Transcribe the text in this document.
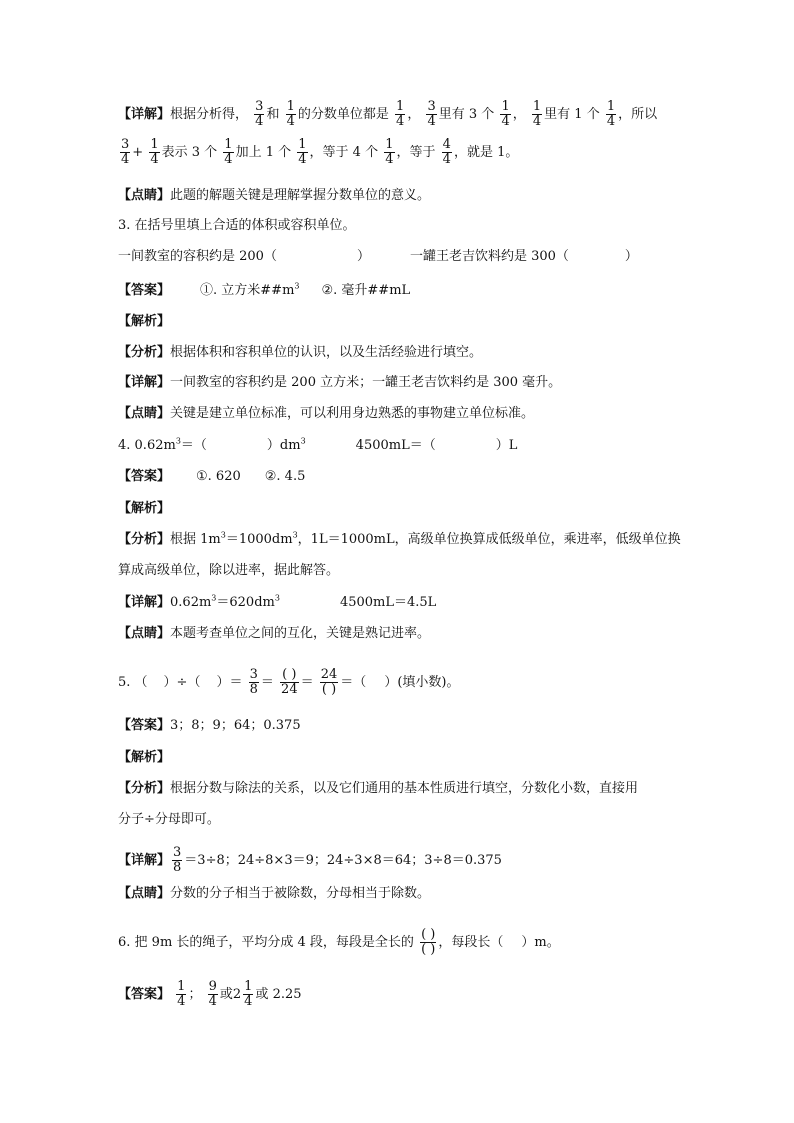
【详解】根据分析得， $\frac{3}{4}$ 和 $\frac{1}{4}$ 的分数单位都是 $\frac{1}{4}$ ， $\frac{3}{4}$ 里有 3 个 $\frac{1}{4}$ ， $\frac{1}{4}$ 里有 1 个 $\frac{1}{4}$ ，所以
$\frac{3}{4} + \frac{1}{4}$ 表示 3 个 $\frac{1}{4}$ 加上 1 个 $\frac{1}{4}$ ，等于 4 个 $\frac{1}{4}$ ，等于 $\frac{4}{4}$ ，就是 1。
【点睛】此题的解题关键是理解掌握分数单位的意义。
3. 在括号里填上合适的体积或容积单位。
一间教室的容积约是 200（	）	一罐王老吉饮料约是 300（	）
【答案】 ①. 立方米$\#\#m^3$ ②. 毫升##mL
【解析】
【分析】根据体积和容积单位的认识，以及生活经验进行填空。
【详解】一间教室的容积约是 200 立方米；一罐王老吉饮料约是 300 毫升。
【点睛】关键是建立单位标准，可以利用身边熟悉的事物建立单位标准。
4. $0.62m^3=$（	）$dm^3$	4500mL＝（	）L
【答案】 ①. 620 ②. 4.5
【解析】
【分析】根据 $1m^3=1000dm^3$，1L＝1000mL，高级单位换算成低级单位，乘进率，低级单位换
算成高级单位，除以进率，据此解答。
【详解】$0.62m^3=620dm^3$	4500mL＝4.5L
【点睛】本题考查单位之间的互化，关键是熟记进率。
5. （ ）÷（ ）＝ $\frac{3}{8} = \frac{( )}{24} = \frac{24}{( )}$ ＝（ ）(填小数)。
【答案】3；8；9；64；0.375
【解析】
【分析】根据分数与除法的关系，以及它们通用的基本性质进行填空，分数化小数，直接用
分子÷分母即可。
【详解】 $\frac{3}{8} =3\div 8$；24÷8×3＝9；24÷3×8＝64；3÷8＝0.375
【点睛】分数的分子相当于被除数，分母相当于除数。
6. 把 9m 长的绳子，平均分成 4 段，每段是全长的 $\frac{( )}{( )}$ ，每段长（ ）m。
【答案】 $\frac{1}{4}$ ； $\frac{9}{4}$ 或$2 \frac{1}{4}$ 或 2.25
